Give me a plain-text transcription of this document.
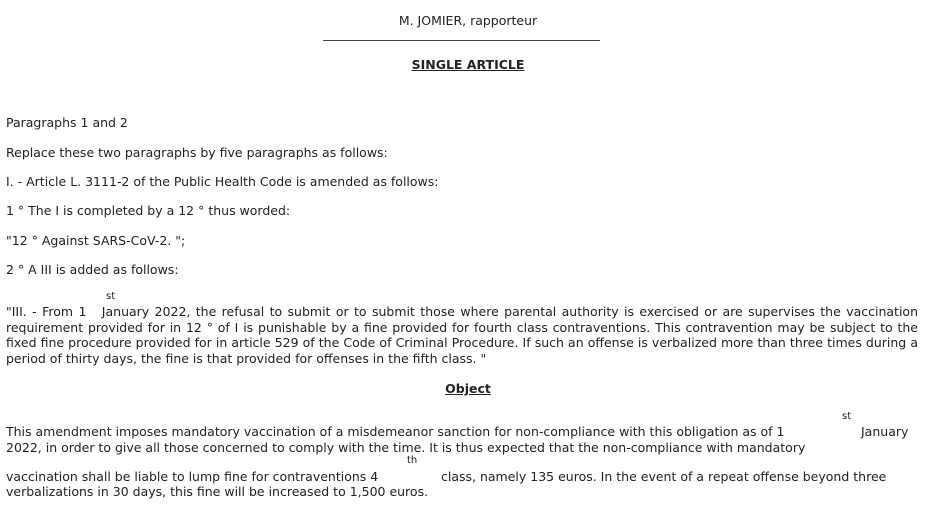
M. JOMIER, rapporteur
SINGLE ARTICLE
Paragraphs 1 and 2
Replace these two paragraphs by five paragraphs as follows:
I. - Article L. 3111-2 of the Public Health Code is amended as follows:
1 ° The I is completed by a 12 ° thus worded:
"12 ° Against SARS-CoV-2. ";
2 ° A III is added as follows:
st
"III. - From 1 January 2022, the refusal to submit or to submit those where parental authority is exercised or are supervises the vaccination requirement provided for in 12 ° of I is punishable by a fine provided for fourth class contraventions. This contravention may be subject to the fixed fine procedure provided for in article 529 of the Code of Criminal Procedure. If such an offense is verbalized more than three times during a period of thirty days, the fine is that provided for offenses in the fifth class. "
Object
st
This amendment imposes mandatory vaccination of a misdemeanor sanction for non-compliance with this obligation as of 1	January
2022, in order to give all those concerned to comply with the time. It is thus expected that the non-compliance with mandatory
th
vaccination shall be liable to lump fine for contraventions 4	class, namely 135 euros. In the event of a repeat offense beyond three
verbalizations in 30 days, this fine will be increased to 1,500 euros.
